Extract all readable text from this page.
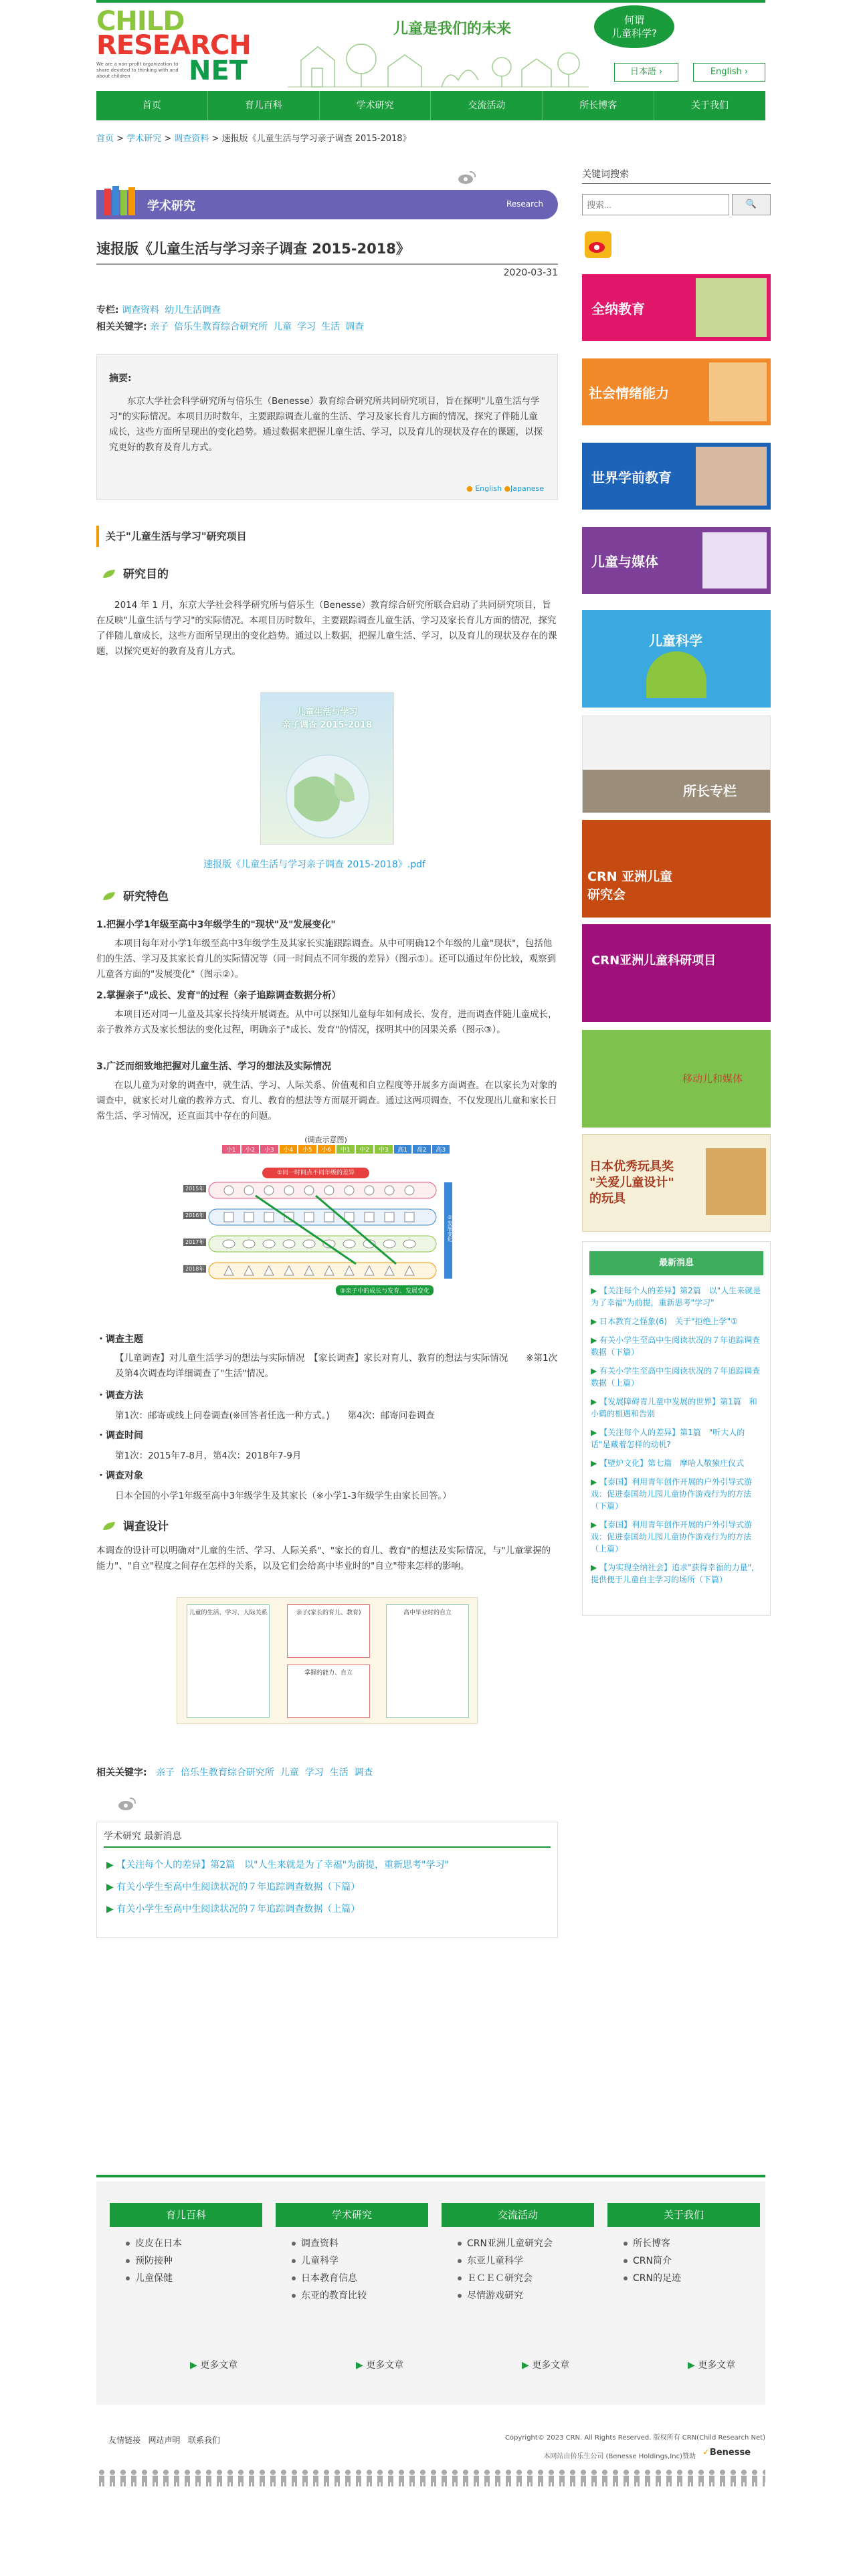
CHILD
RESEARCH
We are a non-profit organization to share devoted to thinking with and about children	NET
儿童是我们的未来
何谓
儿童科学?
日本語 ›	English ›
首页	育儿百科	学术研究	交流活动	所长博客	关于我们
首页 > 学术研究 > 调查资料 > 速报版《儿童生活与学习亲子调查 2015-2018》
学术研究	Research
速报版《儿童生活与学习亲子调查 2015-2018》
2020-03-31
专栏: 调查资料 幼儿生活调查
相关关键字: 亲子 倍乐生教育综合研究所 儿童 学习 生活 调查
摘要:
东京大学社会科学研究所与倍乐生（Benesse）教育综合研究所共同研究项目，旨在探明"儿童生活与学习"的实际情况。本项目历时数年，主要跟踪调查儿童的生活、学习及家长育儿方面的情况，探究了伴随儿童成长，这些方面所呈现出的变化趋势。通过数据来把握儿童生活、学习，以及育儿的现状及存在的课题，以探究更好的教育及育儿方式。
● English ●Japanese
关于"儿童生活与学习"研究项目
研究目的
2014 年 1 月，东京大学社会科学研究所与倍乐生（Benesse）教育综合研究所联合启动了共同研究项目，旨在反映"儿童生活与学习"的实际情况。本项目历时数年，主要跟踪调查儿童生活、学习及家长育儿方面的情况，探究了伴随儿童成长，这些方面所呈现出的变化趋势。通过以上数据，把握儿童生活、学习，以及育儿的现状及存在的课题，以探究更好的教育及育儿方式。
儿童生活与学习
亲子调查 2015-2018
速报版《儿童生活与学习亲子调查 2015-2018》.pdf
研究特色
1.把握小学1年级至高中3年级学生的"现状"及"发展变化"
本项目每年对小学1年级至高中3年级学生及其家长实施跟踪调查。从中可明确12个年级的儿童"现状"，包括他们的生活、学习及其家长育儿的实际情况等（同一时间点不同年级的差异）（图示①）。还可以通过年份比较，观察到儿童各方面的"发展变化"（图示②）。
2.掌握亲子"成长、发育"的过程（亲子追踪调查数据分析）
本项目还对同一儿童及其家长持续开展调查。从中可以探知儿童每年如何成长、发育，进而调查伴随儿童成长，亲子教养方式及家长想法的变化过程，明确亲子"成长、发育"的情况，探明其中的因果关系（图示③）。
3.广泛而细致地把握对儿童生活、学习的想法及实际情况
在以儿童为对象的调查中，就生活、学习、人际关系、价值观和自立程度等开展多方面调查。在以家长为对象的调查中，就家长对儿童的教养方式、育儿、教育的想法等方面展开调查。通过这两项调查，不仅发现出儿童和家长日常生活、学习情况，还直面其中存在的问题。
(调查示意图)
小1	小2	小3	小4	小5	小6	中1	中2	中3	高1	高2	高3
①同一时间点不同年级的差异
2015年
2016年
2017年
2018年
②发展变化
③亲子中的成长与发育、发展变化
・调查主题
【儿童调查】对儿童生活学习的想法与实际情况　【家长调查】家长对育儿、教育的想法与实际情况　　※第1次及第4次调查均详细调查了"生活"情况。
・调查方法
第1次：邮寄或线上问卷调查(※回答者任选一种方式。)　　第4次：邮寄问卷调查
・调查时间
第1次：2015年7-8月，第4次：2018年7-9月
・调查对象
日本全国的小学1年级至高中3年级学生及其家长（※小学1-3年级学生由家长回答。）
调查设计
本调查的设计可以明确对"儿童的生活、学习、人际关系"、"家长的育儿、教育"的想法及实际情况，与"儿童掌握的能力"、"自立"程度之间存在怎样的关系，以及它们会给高中毕业时的"自立"带来怎样的影响。
儿童的生活、学习、人际关系	亲子(家长的育儿、教育)
掌握的能力、自立
高中毕业时的自立
相关关键字: 亲子 倍乐生教育综合研究所 儿童 学习 生活 调查
学术研究 最新消息
▶ 【关注每个人的差异】第2篇　以"人生来就是为了幸福"为前提，重新思考"学习"
▶ 有关小学生至高中生阅读状况的７年追踪调查数据（下篇）
▶ 有关小学生至高中生阅读状况的７年追踪调查数据（上篇）
关键词搜索
搜索...
🔍
全纳教育
社会情绪能力
世界学前教育
儿童与媒体
儿童科学
所长专栏
CRN 亚洲儿童研究会
CRN亚洲儿童科研项目
移动儿和媒体
日本优秀玩具奖 "关爱儿童设计" 的玩具
最新消息
▶ 【关注每个人的差异】第2篇　以"人生来就是为了幸福"为前提，重新思考"学习"
▶ 日本教育之怪象(6)　关于"拒绝上学"①
▶ 有关小学生至高中生阅读状况的７年追踪调查数据（下篇）
▶ 有关小学生至高中生阅读状况的７年追踪调查数据（上篇）
▶ 【发展障碍青儿童中发展的世界】第1篇　和小鹤的相遇和告别
▶ 【关注每个人的差异】第1篇　"听大人的话"是藏着怎样的动机?
▶ 【壁炉文化】第七篇　摩哈人敬猿庄仪式
▶ 【泰国】利用青年创作开展的户外引导式游戏：促进泰国幼儿园儿童协作游戏行为的方法（下篇）
▶ 【泰国】利用青年创作开展的户外引导式游戏：促进泰国幼儿园儿童协作游戏行为的方法（上篇）
▶ 【为实现全纳社会】追求"获得幸福的力量"，提供便于儿童自主学习的场所（下篇）
育儿百科
皮皮在日本
预防接种
儿童保健
学术研究
调查资料
儿童科学
日本教育信息
东亚的教育比较
交流活动
CRN亚洲儿童研究会
东亚儿童科学
ＥＣＥＣ研究会
尽情游戏研究
关于我们
所长博客
CRN简介
CRN的足迹
▶ 更多文章	▶ 更多文章	▶ 更多文章	▶ 更多文章
友情链接 网站声明 联系我们	Copyright© 2023 CRN. All Rights Reserved. 版权所有 CRN(Child Research Net)
本网站由倍乐生公司 (Benesse Holdings,Inc)赞助 ✓Benesse
